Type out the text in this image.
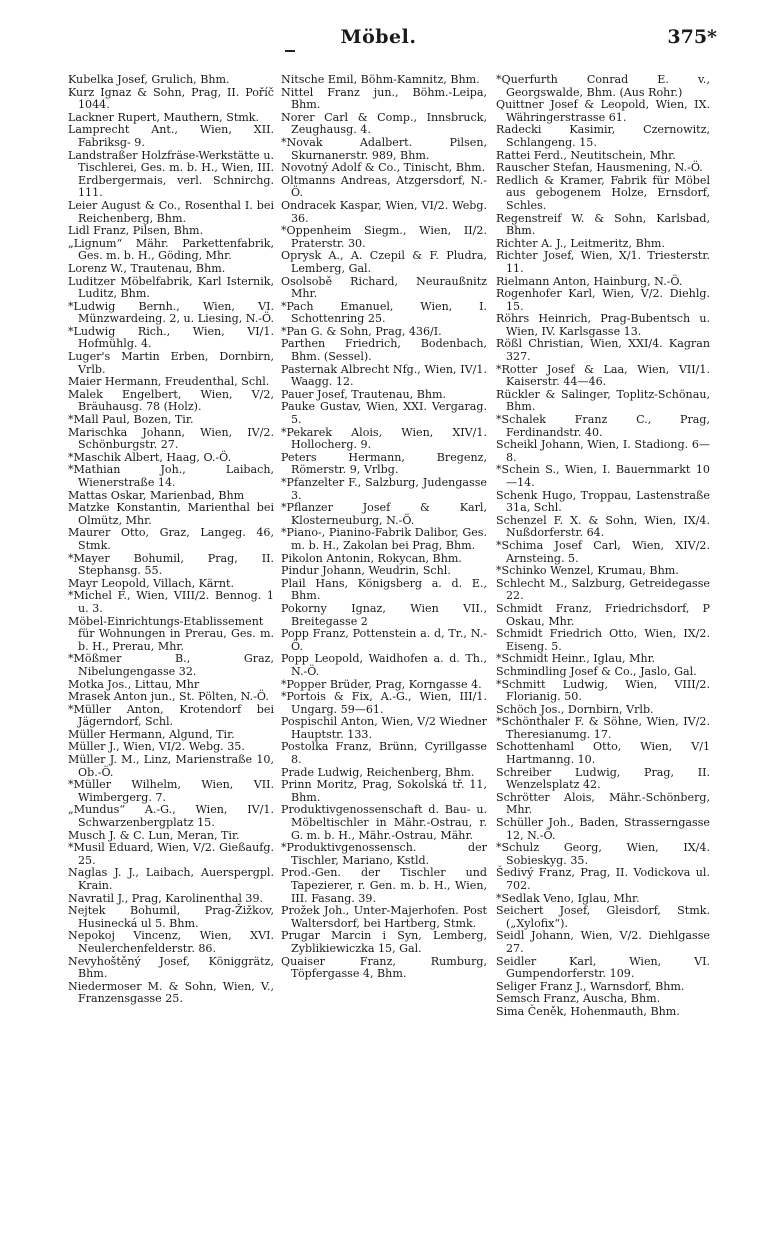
Möbel.	375*

Kubelka Josef, Grulich, Bhm.

Kurz Ignaz & Sohn, Prag, II. Poříč 1044.

Lackner Rupert, Mauthern, Stmk.

Lamprecht Ant., Wien, XII. Fabriksg- 9.

Landstraßer Holzfräse-Werkstätte u. Tischlerei, Ges. m. b. H., Wien, III. Erdbergermais, verl. Schnirchg. 111.

Leier August & Co., Rosenthal I. bei Reichenberg, Bhm.

Lidl Franz, Pilsen, Bhm.

„Lignum“ Mähr. Parkettenfabrik, Ges. m. b. H., Göding, Mhr.

Lorenz W., Trautenau, Bhm.

Luditzer Möbelfabrik, Karl Isternik, Luditz, Bhm.

*Ludwig Bernh., Wien, VI. Münzwardeing. 2, u. Liesing, N.-Ö.

*Ludwig Rich., Wien, VI/1. Hofmühlg. 4.

Luger's Martin Erben, Dornbirn, Vrlb.

Maier Hermann, Freudenthal, Schl.

Malek Engelbert, Wien, V/2, Bräuhausg. 78 (Holz).

*Mall Paul, Bozen, Tir.

Marischka Johann, Wien, IV/2. Schönburgstr. 27.

*Maschik Albert, Haag, O.-Ö.

*Mathian Joh., Laibach, Wienerstraße 14.

Mattas Oskar, Marienbad, Bhm

Matzke Konstantin, Marienthal bei Olmütz, Mhr.

Maurer Otto, Graz, Langeg. 46, Stmk.

*Mayer Bohumil, Prag, II. Stephansg. 55.

Mayr Leopold, Villach, Kärnt.

*Michel F., Wien, VIII/2. Bennog. 1 u. 3.

Möbel-Einrichtungs-Etablissement für Wohnungen in Prerau, Ges. m. b. H., Prerau, Mhr.

*Mößmer B., Graz, Nibelungengasse 32.

Motka Jos., Littau, Mhr

Mrasek Anton jun., St. Pölten, N.-Ö.

*Müller Anton, Krotendorf bei Jägerndorf, Schl.

Müller Hermann, Algund, Tir.

Müller J., Wien, VI/2. Webg. 35.

Müller J. M., Linz, Marienstraße 10, Ob.-Ö.

*Müller Wilhelm, Wien, VII. Wimbergerg. 7.

„Mundus“ A.-G., Wien, IV/1. Schwarzenbergplatz 15.

Musch J. & C. Lun, Meran, Tir.

*Musil Eduard, Wien, V/2. Gießaufg. 25.

Naglas J. J., Laibach, Auerspergpl. Krain.

Navratil J., Prag, Karolinenthal 39.

Nejtek Bohumil, Prag-Žižkov, Husinecká ul 5. Bhm.

Nepokoj Vincenz, Wien, XVI. Neulerchenfelderstr. 86.

Nevyhoštěný Josef, Königgrätz, Bhm.

Niedermoser M. & Sohn, Wien, V., Franzensgasse 25.

Nitsche Emil, Böhm-Kamnitz, Bhm.

Nittel Franz jun., Böhm.-Leipa, Bhm.

Norer Carl & Comp., Innsbruck, Zeughausg. 4.

*Novak Adalbert. Pilsen, Skurnanerstr. 989, Bhm.

Novotný Adolf & Co., Tinischt, Bhm.

Oltmanns Andreas, Atzgersdorf, N.-Ö.

Ondracek Kaspar, Wien, VI/2. Webg. 36.

*Oppenheim Siegm., Wien, II/2. Praterstr. 30.

Oprysk A., A. Czepil & F. Pludra, Lemberg, Gal.

Osolsobě Richard, Neuraußnitz Mhr.

*Pach Emanuel, Wien, I. Schottenring 25.

*Pan G. & Sohn, Prag, 436/I.

Parthen Friedrich, Bodenbach, Bhm. (Sessel).

Pasternak Albrecht Nfg., Wien, IV/1. Waagg. 12.

Pauer Josef, Trautenau, Bhm.

Pauke Gustav, Wien, XXI. Vergarag. 5.

*Pekarek Alois, Wien, XIV/1. Hollocherg. 9.

Peters Hermann, Bregenz, Römerstr. 9, Vrlbg.

*Pfanzelter F., Salzburg, Judengasse 3.

*Pflanzer Josef & Karl, Klosterneuburg, N.-Ö.

*Piano-, Pianino-Fabrik Dalibor, Ges. m. b. H., Zakolan bei Prag, Bhm.

Pikolon Antonin, Rokycan, Bhm.

Pindur Johann, Weudrin, Schl.

Plail Hans, Königsberg a. d. E., Bhm.

Pokorny Ignaz, Wien VII., Breitegasse 2

Popp Franz, Pottenstein a. d, Tr., N.-Ö.

Popp Leopold, Waidhofen a. d. Th., N.-Ö.

*Popper Brüder, Prag, Korngasse 4.

*Portois & Fix, A.-G., Wien, III/1. Ungarg. 59—61.

Pospischil Anton, Wien, V/2 Wiedner Hauptstr. 133.

Postolka Franz, Brünn, Cyrillgasse 8.

Prade Ludwig, Reichenberg, Bhm.

Prinn Moritz, Prag, Sokolská tř. 11, Bhm.

Produktivgenossenschaft d. Bau- u. Möbeltischler in Mähr.-Ostrau, r. G. m. b. H., Mähr.-Ostrau, Mähr.

*Produktivgenossensch. der Tischler, Mariano, Kstld.

Prod.-Gen. der Tischler und Tapezierer, r. Gen. m. b. H., Wien, III. Fasang. 39.

Prožek Joh., Unter-Majerhofen. Post Waltersdorf, bei Hartberg, Stmk.

Prugar Marcin i Syn, Lemberg, Zyblikiewiczka 15, Gal.

Quaiser Franz, Rumburg, Töpfergasse 4, Bhm.

*Querfurth Conrad E. v., Georgswalde, Bhm. (Aus Rohr.)

Quittner Josef & Leopold, Wien, IX. Währingerstrasse 61.

Radecki Kasimir, Czernowitz, Schlangeng. 15.

Rattei Ferd., Neutitschein, Mhr.

Rauscher Stefan, Hausmening, N.-Ö.

Redlich & Kramer, Fabrik für Möbel aus gebogenem Holze, Ernsdorf, Schles.

Regenstreif W. & Sohn, Karlsbad, Bhm.

Richter A. J., Leitmeritz, Bhm.

Richter Josef, Wien, X/1. Triesterstr. 11.

Rielmann Anton, Hainburg, N.-Ö.

Rogenhofer Karl, Wien, V/2. Diehlg. 15.

Röhrs Heinrich, Prag-Bubentsch u. Wien, IV. Karlsgasse 13.

Rößl Christian, Wien, XXI/4. Kagran 327.

*Rotter Josef & Laa, Wien, VII/1. Kaiserstr. 44—46.

Rückler & Salinger, Toplitz-Schönau, Bhm.

*Schalek Franz C., Prag, Ferdinandstr. 40.

Scheikl Johann, Wien, I. Stadiong. 6—8.

*Schein S., Wien, I. Bauernmarkt 10—14.

Schenk Hugo, Troppau, Lastenstraße 31a, Schl.

Schenzel F. X. & Sohn, Wien, IX/4. Nußdorferstr. 64.

*Schima Josef Carl, Wien, XIV/2. Arnsteing. 5.

*Schinko Wenzel, Krumau, Bhm.

Schlecht M., Salzburg, Getreidegasse 22.

Schmidt Franz, Friedrichsdorf, P Oskau, Mhr.

Schmidt Friedrich Otto, Wien, IX/2. Eiseng. 5.

*Schmidt Heinr., Iglau, Mhr.

Schmindling Josef & Co., Jaslo, Gal.

*Schmitt Ludwig, Wien, VIII/2. Florianig. 50.

Schöch Jos., Dornbirn, Vrlb.

*Schönthaler F. & Söhne, Wien, IV/2. Theresianumg. 17.

Schottenhaml Otto, Wien, V/1 Hartmanng. 10.

Schreiber Ludwig, Prag, II. Wenzelsplatz 42.

Schrötter Alois, Mähr.-Schönberg, Mhr.

Schüller Joh., Baden, Strasserngasse 12, N.-Ö.

*Schulz Georg, Wien, IX/4. Sobieskyg. 35.

Šedivý Franz, Prag, II. Vodickova ul. 702.

*Sedlak Veno, Iglau, Mhr.

Seichert Josef, Gleisdorf, Stmk. („Xylofix“).

Seidl Johann, Wien, V/2. Diehlgasse 27.

Seidler Karl, Wien, VI. Gumpendorferstr. 109.

Seliger Franz J., Warnsdorf, Bhm.

Semsch Franz, Auscha, Bhm.

Sima Čeněk, Hohenmauth, Bhm.
